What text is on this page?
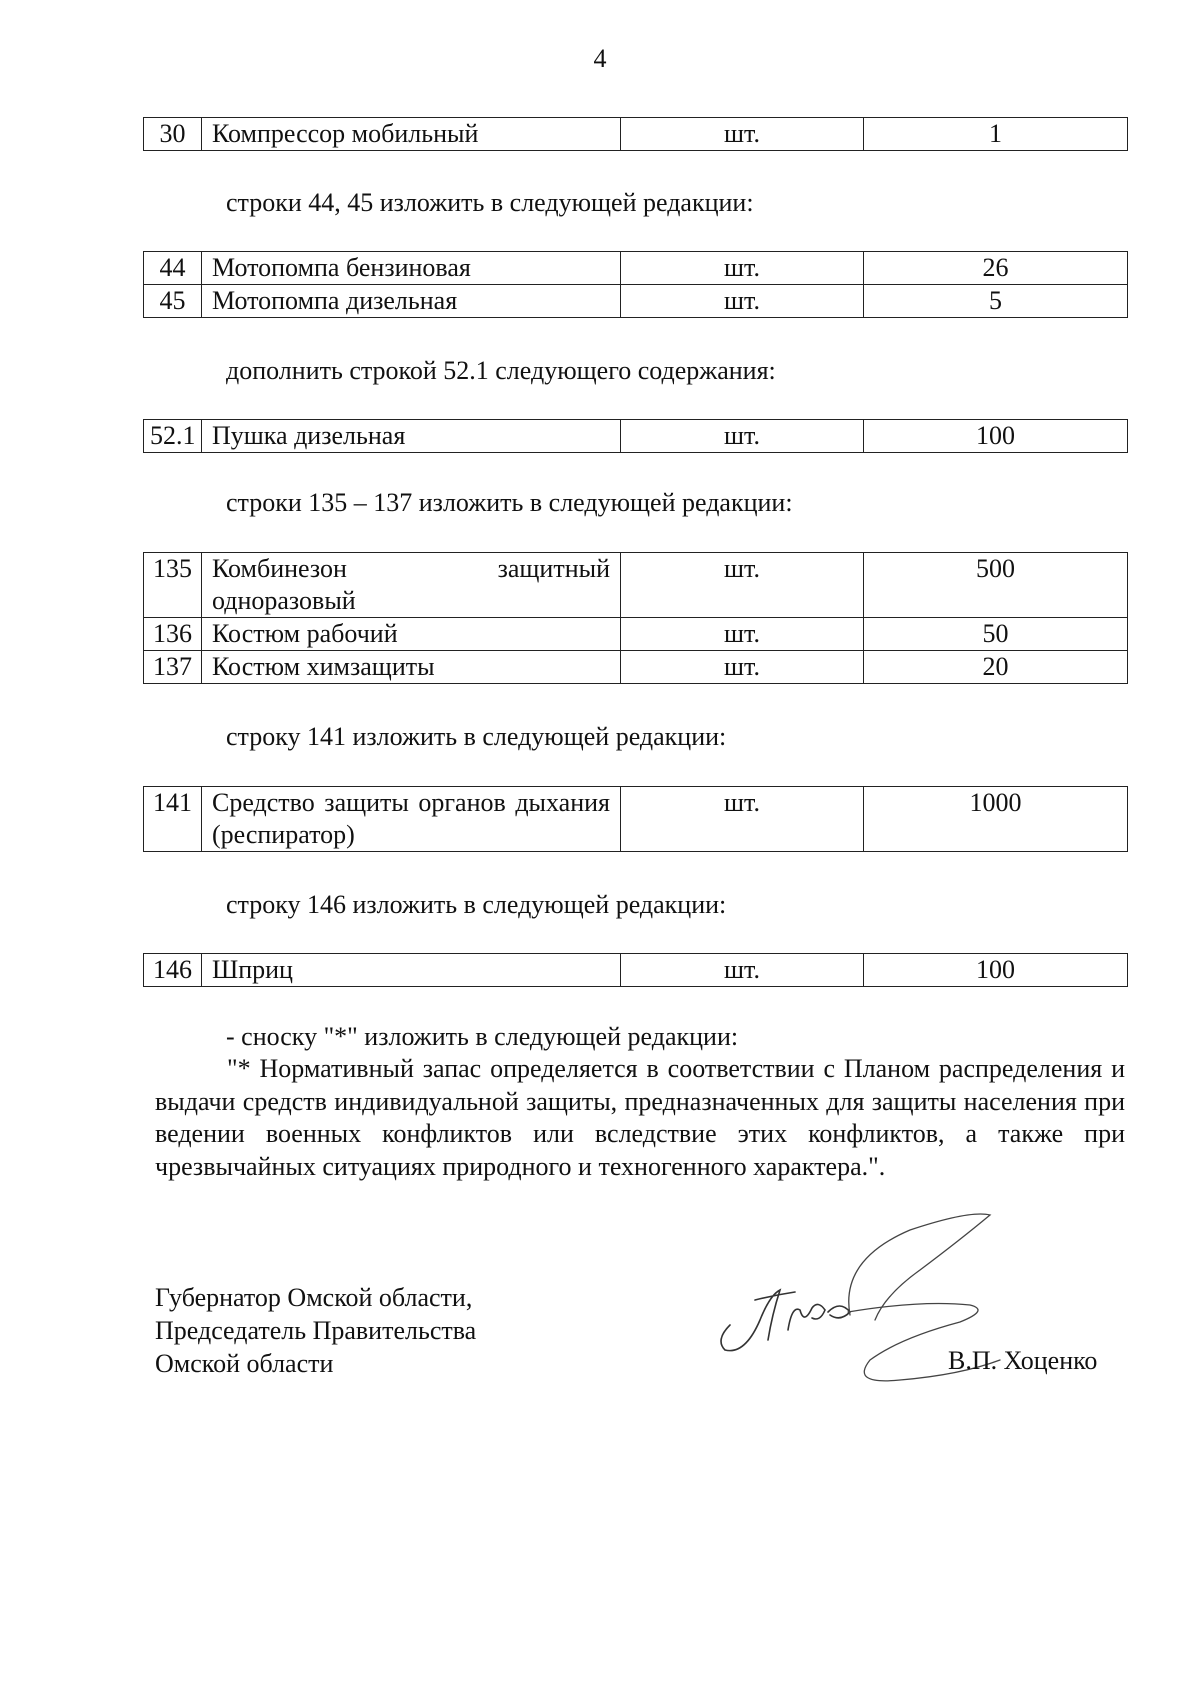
4
30	Компрессор мобильный	шт.	1
строки 44, 45 изложить в следующей редакции:
44	Мотопомпа бензиновая	шт.	26
45	Мотопомпа дизельная	шт.	5
дополнить строкой 52.1 следующего содержания:
52.1	Пушка дизельная	шт.	100
строки 135 – 137 изложить в следующей редакции:
135	Комбинезон защитный одноразовый	шт.	500
136	Костюм рабочий	шт.	50
137	Костюм химзащиты	шт.	20
строку 141 изложить в следующей редакции:
141	Средство защиты органов дыхания (респиратор)	шт.	1000
строку 146 изложить в следующей редакции:
146	Шприц	шт.	100
- сноску "*" изложить в следующей редакции:
"* Нормативный запас определяется в соответствии с Планом распределения и выдачи средств индивидуальной защиты, предназначенных для защиты населения при ведении военных конфликтов или вследствие этих конфликтов, а также при чрезвычайных ситуациях природного и техногенного характера.".
Губернатор Омской области,
Председатель Правительства
Омской области	В.П. Хоценко
